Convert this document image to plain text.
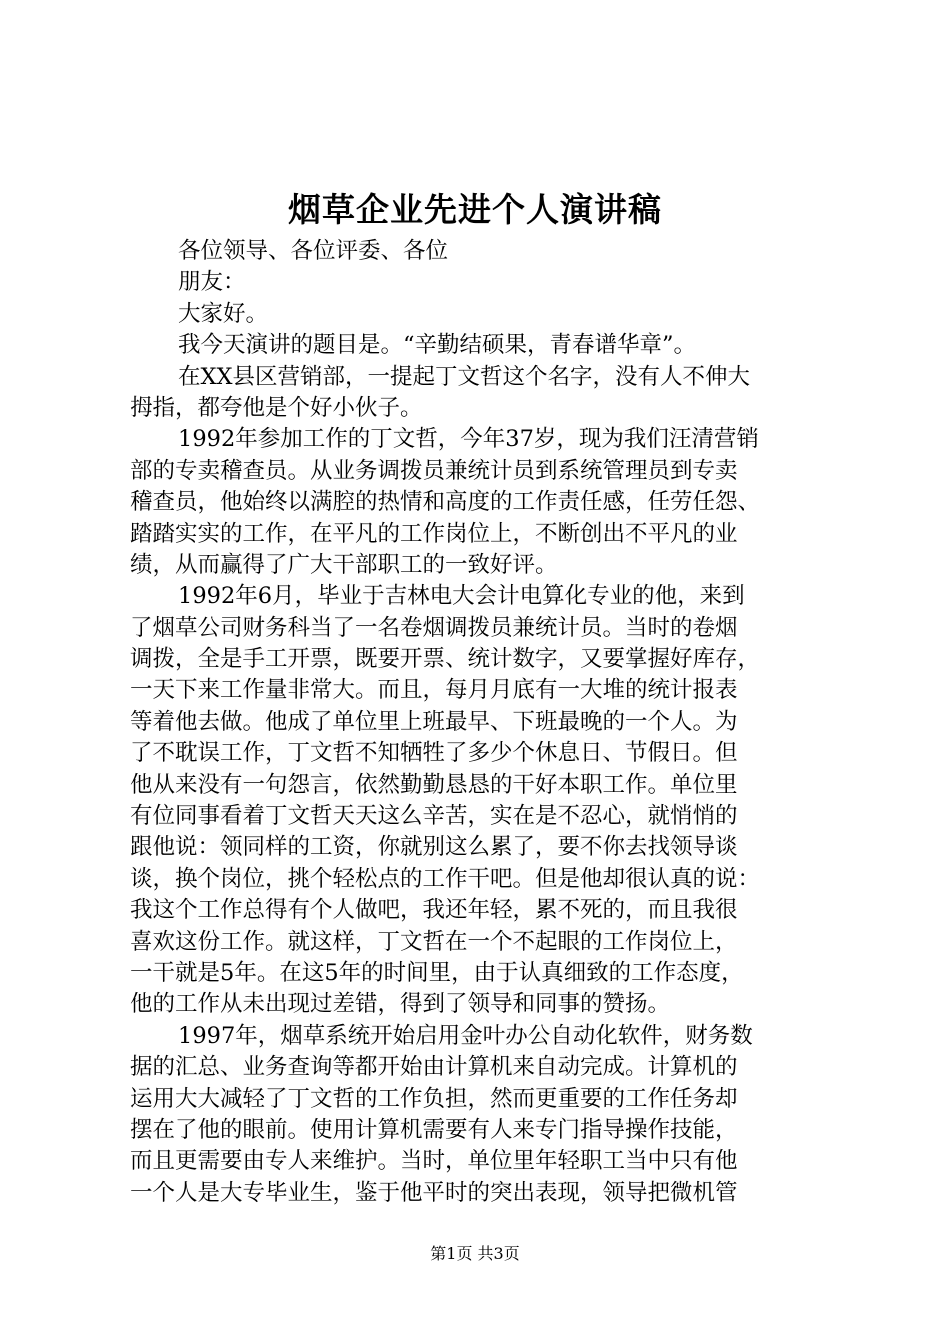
烟草企业先进个人演讲稿
各位领导、各位评委、各位
朋友：
大家好。
我今天演讲的题目是。“辛勤结硕果，青春谱华章”。
在XX县区营销部，一提起丁文哲这个名字，没有人不伸大
拇指，都夸他是个好小伙子。
1992年参加工作的丁文哲，今年37岁，现为我们汪清营销
部的专卖稽查员。从业务调拨员兼统计员到系统管理员到专卖
稽查员，他始终以满腔的热情和高度的工作责任感，任劳任怨、
踏踏实实的工作，在平凡的工作岗位上，不断创出不平凡的业
绩，从而赢得了广大干部职工的一致好评。
1992年6月，毕业于吉林电大会计电算化专业的他，来到
了烟草公司财务科当了一名卷烟调拨员兼统计员。当时的卷烟
调拨，全是手工开票，既要开票、统计数字，又要掌握好库存，
一天下来工作量非常大。而且，每月月底有一大堆的统计报表
等着他去做。他成了单位里上班最早、下班最晚的一个人。为
了不耽误工作，丁文哲不知牺牲了多少个休息日、节假日。但
他从来没有一句怨言，依然勤勤恳恳的干好本职工作。单位里
有位同事看着丁文哲天天这么辛苦，实在是不忍心，就悄悄的
跟他说：领同样的工资，你就别这么累了，要不你去找领导谈
谈，换个岗位，挑个轻松点的工作干吧。但是他却很认真的说：
我这个工作总得有个人做吧，我还年轻，累不死的，而且我很
喜欢这份工作。就这样，丁文哲在一个不起眼的工作岗位上，
一干就是5年。在这5年的时间里，由于认真细致的工作态度，
他的工作从未出现过差错，得到了领导和同事的赞扬。
1997年，烟草系统开始启用金叶办公自动化软件，财务数
据的汇总、业务查询等都开始由计算机来自动完成。计算机的
运用大大减轻了丁文哲的工作负担，然而更重要的工作任务却
摆在了他的眼前。使用计算机需要有人来专门指导操作技能，
而且更需要由专人来维护。当时，单位里年轻职工当中只有他
一个人是大专毕业生，鉴于他平时的突出表现，领导把微机管
第1页 共3页
